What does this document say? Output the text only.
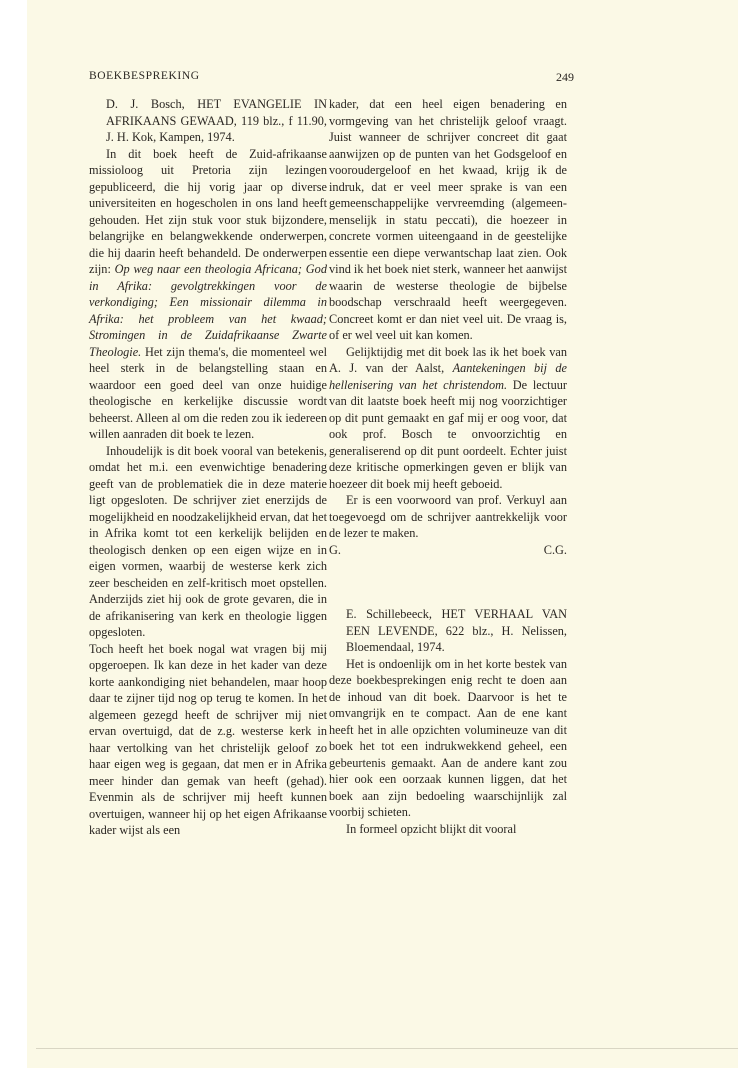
BOEKBESPREKING	249
D. J. Bosch, HET EVANGELIE IN AFRIKAANS GEWAAD, 119 blz., f 11.90, J. H. Kok, Kampen, 1974.

In dit boek heeft de Zuid-afrikaanse missioloog uit Pretoria zijn lezingen gepubliceerd, die hij vorig jaar op diverse universiteiten en hogescholen in ons land heeft gehouden. Het zijn stuk voor stuk bijzondere, belangrijke en belangwekkende onderwerpen, die hij daarin heeft behandeld. De onderwerpen zijn: Op weg naar een theologia Africana; God in Afrika: gevolgtrekkingen voor de verkondiging; Een missionair dilemma in Afrika: het probleem van het kwaad; Stromingen in de Zuidafrikaanse Zwarte Theologie. Het zijn thema's, die momenteel wel heel sterk in de belangstelling staan en waardoor een goed deel van onze huidige theologische en kerkelijke discussie wordt beheerst. Alleen al om die reden zou ik iedereen willen aanraden dit boek te lezen.

Inhoudelijk is dit boek vooral van betekenis, omdat het m.i. een evenwichtige benadering geeft van de problematiek die in deze materie ligt opgesloten. De schrijver ziet enerzijds de mogelijkheid en noodzakelijkheid ervan, dat het in Afrika komt tot een kerkelijk belijden en theologisch denken op een eigen wijze en in eigen vormen, waarbij de westerse kerk zich zeer bescheiden en zelf-kritisch moet opstellen. Anderzijds ziet hij ook de grote gevaren, die in de afrikanisering van kerk en theologie liggen opgesloten.

Toch heeft het boek nogal wat vragen bij mij opgeroepen. Ik kan deze in het kader van deze korte aankondiging niet behandelen, maar hoop daar te zijner tijd nog op terug te komen. In het algemeen gezegd heeft de schrijver mij niet ervan overtuigd, dat de z.g. westerse kerk in haar vertolking van het christelijk geloof zo haar eigen weg is gegaan, dat men er in Afrika meer hinder dan gemak van heeft (gehad). Evenmin als de schrijver mij heeft kunnen overtuigen, wanneer hij op het eigen Afrikaanse kader wijst als een

kader, dat een heel eigen benadering en vormgeving van het christelijk geloof vraagt. Juist wanneer de schrijver concreet dit gaat aanwijzen op de punten van het Godsgeloof en vooroudergeloof en het kwaad, krijg ik de indruk, dat er veel meer sprake is van een gemeenschappelijke vervreemding (algemeen-menselijk in statu peccati), die hoezeer in concrete vormen uiteengaand in de geestelijke essentie een diepe verwantschap laat zien. Ook vind ik het boek niet sterk, wanneer het aanwijst waarin de westerse theologie de bijbelse boodschap verschraald heeft weergegeven. Concreet komt er dan niet veel uit. De vraag is, of er wel veel uit kan komen.

Gelijktijdig met dit boek las ik het boek van A. J. van der Aalst, Aantekeningen bij de hellenisering van het christendom. De lectuur van dit laatste boek heeft mij nog voorzichtiger op dit punt gemaakt en gaf mij er oog voor, dat ook prof. Bosch te onvoorzichtig en generaliserend op dit punt oordeelt. Echter juist deze kritische opmerkingen geven er blijk van hoezeer dit boek mij heeft geboeid.

Er is een voorwoord van prof. Verkuyl aan toegevoegd om de schrijver aantrekkelijk voor de lezer te maken.

G.	C.G.
E. Schillebeeck, HET VERHAAL VAN EEN LEVENDE, 622 blz., H. Nelissen, Bloemendaal, 1974.

Het is ondoenlijk om in het korte bestek van deze boekbesprekingen enig recht te doen aan de inhoud van dit boek. Daarvoor is het te omvangrijk en te compact. Aan de ene kant heeft het in alle opzichten volumineuze van dit boek het tot een indrukwekkend geheel, een gebeurtenis gemaakt. Aan de andere kant zou hier ook een oorzaak kunnen liggen, dat het boek aan zijn bedoeling waarschijnlijk zal voorbij schieten.

In formeel opzicht blijkt dit vooral
